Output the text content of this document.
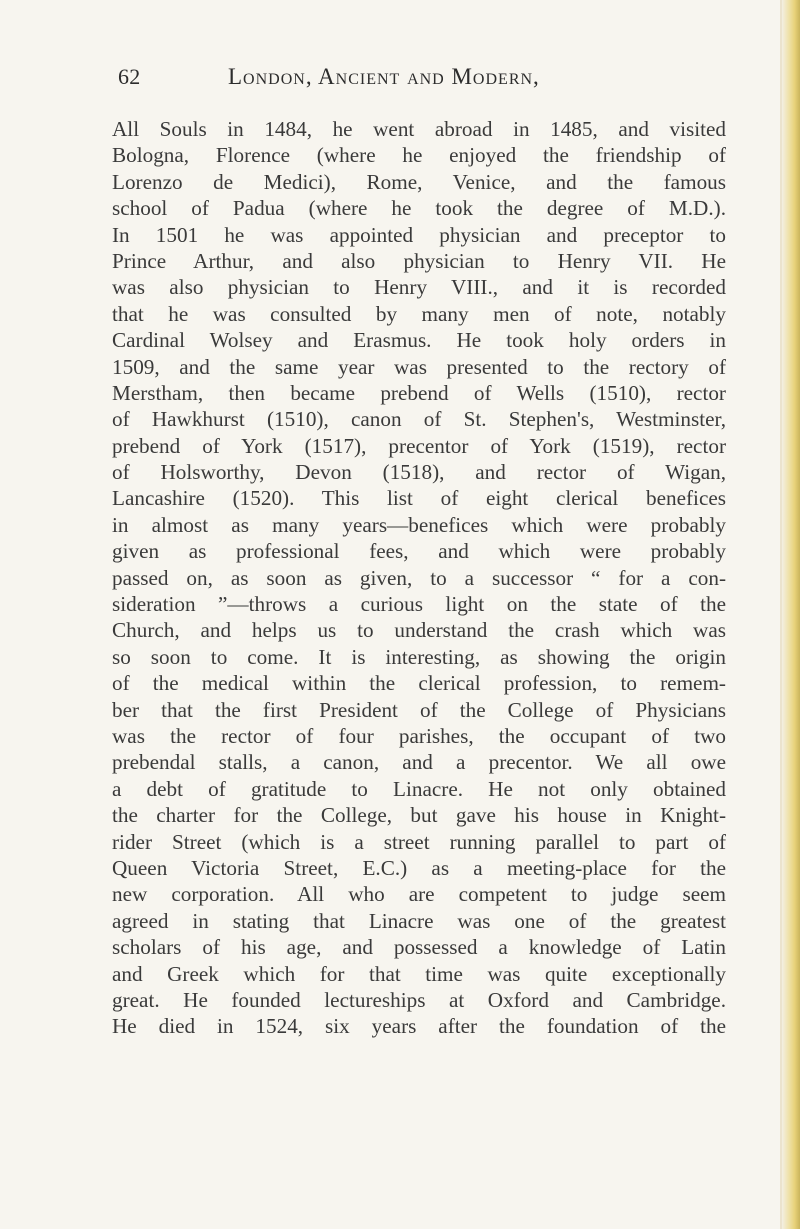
62	London, Ancient and Modern,
All Souls in 1484, he went abroad in 1485, and visited
Bologna, Florence (where he enjoyed the friendship of
Lorenzo de Medici), Rome, Venice, and the famous
school of Padua (where he took the degree of M.D.).
In 1501 he was appointed physician and preceptor to
Prince Arthur, and also physician to Henry VII. He
was also physician to Henry VIII., and it is recorded
that he was consulted by many men of note, notably
Cardinal Wolsey and Erasmus. He took holy orders in
1509, and the same year was presented to the rectory of
Merstham, then became prebend of Wells (1510), rector
of Hawkhurst (1510), canon of St. Stephen's, Westminster,
prebend of York (1517), precentor of York (1519), rector
of Holsworthy, Devon (1518), and rector of Wigan,
Lancashire (1520). This list of eight clerical benefices
in almost as many years—benefices which were probably
given as professional fees, and which were probably
passed on, as soon as given, to a successor “ for a con-
sideration ”—throws a curious light on the state of the
Church, and helps us to understand the crash which was
so soon to come. It is interesting, as showing the origin
of the medical within the clerical profession, to remem-
ber that the first President of the College of Physicians
was the rector of four parishes, the occupant of two
prebendal stalls, a canon, and a precentor. We all owe
a debt of gratitude to Linacre. He not only obtained
the charter for the College, but gave his house in Knight-
rider Street (which is a street running parallel to part of
Queen Victoria Street, E.C.) as a meeting-place for the
new corporation. All who are competent to judge seem
agreed in stating that Linacre was one of the greatest
scholars of his age, and possessed a knowledge of Latin
and Greek which for that time was quite exceptionally
great. He founded lectureships at Oxford and Cambridge.
He died in 1524, six years after the foundation of the
